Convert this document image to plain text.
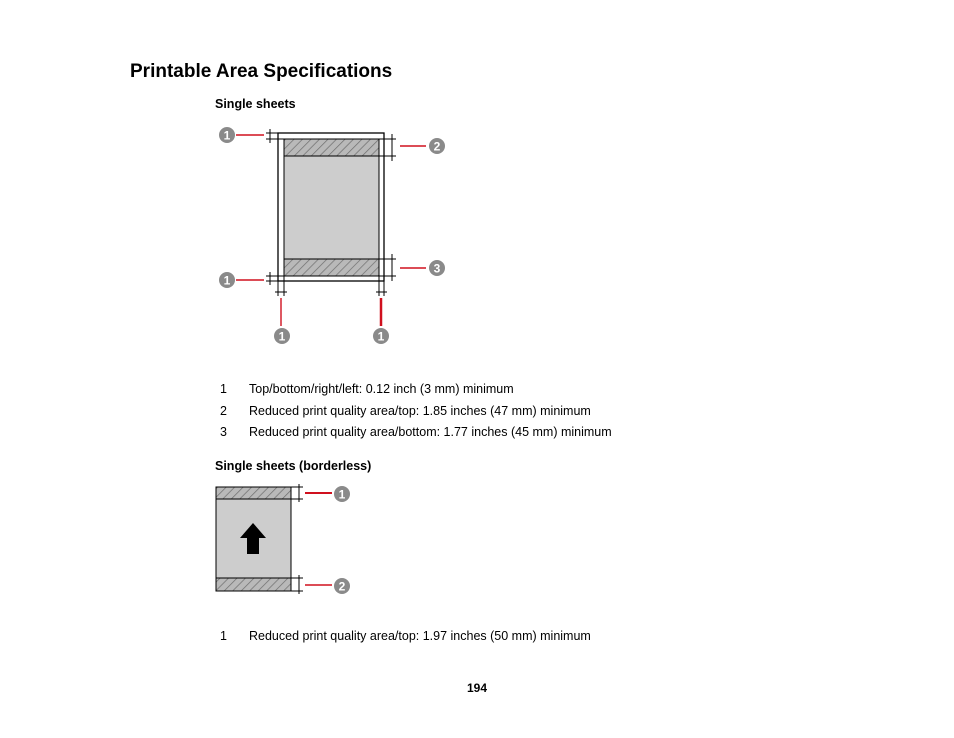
Printable Area Specifications
Single sheets
1
2
1
3
1	1
1
2
1 Top/bottom/right/left: 0.12 inch (3 mm) minimum
2 Reduced print quality area/top: 1.85 inches (47 mm) minimum
3 Reduced print quality area/bottom: 1.77 inches (45 mm) minimum
Single sheets (borderless)
1 Reduced print quality area/top: 1.97 inches (50 mm) minimum
194
